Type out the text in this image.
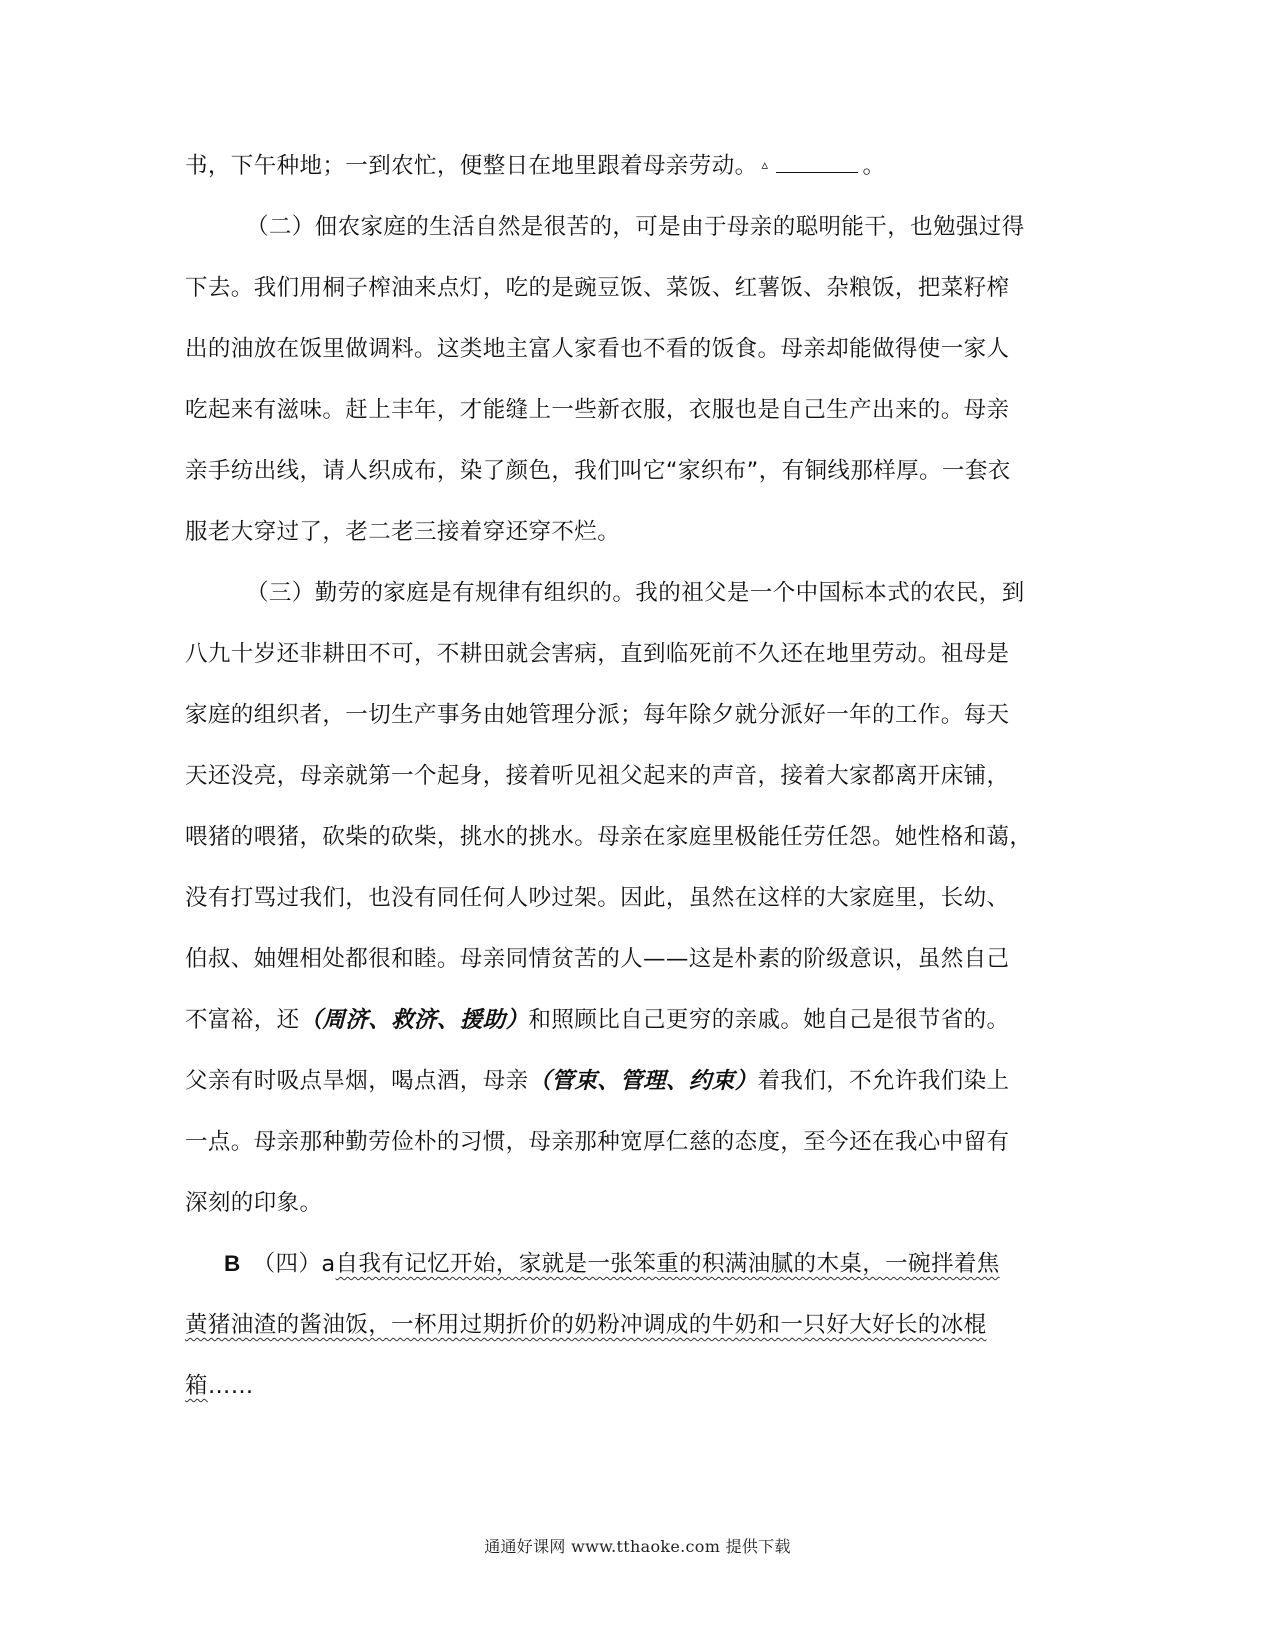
书，下午种地；一到农忙，便整日在地里跟着母亲劳动。 ▵	。
（二）佃农家庭的生活自然是很苦的，可是由于母亲的聪明能干，也勉强过得
下去。我们用桐子榨油来点灯，吃的是豌豆饭、菜饭、红薯饭、杂粮饭，把菜籽榨
出的油放在饭里做调料。这类地主富人家看也不看的饭食。母亲却能做得使一家人
吃起来有滋味。赶上丰年，才能缝上一些新衣服，衣服也是自己生产出来的。母亲
亲手纺出线，请人织成布，染了颜色，我们叫它“家织布”，有铜线那样厚。一套衣
服老大穿过了，老二老三接着穿还穿不烂。
（三）勤劳的家庭是有规律有组织的。我的祖父是一个中国标本式的农民，到
八九十岁还非耕田不可，不耕田就会害病，直到临死前不久还在地里劳动。祖母是
家庭的组织者，一切生产事务由她管理分派；每年除夕就分派好一年的工作。每天
天还没亮，母亲就第一个起身，接着听见祖父起来的声音，接着大家都离开床铺，
喂猪的喂猪，砍柴的砍柴，挑水的挑水。母亲在家庭里极能任劳任怨。她性格和蔼，
没有打骂过我们，也没有同任何人吵过架。因此，虽然在这样的大家庭里，长幼、
伯叔、妯娌相处都很和睦。母亲同情贫苦的人——这是朴素的阶级意识，虽然自己
不富裕，还（周济、救济、援助）和照顾比自己更穷的亲戚。她自己是很节省的。
父亲有时吸点旱烟，喝点酒，母亲（管束、管理、约束）着我们，不允许我们染上
一点。母亲那种勤劳俭朴的习惯，母亲那种宽厚仁慈的态度，至今还在我心中留有
深刻的印象。
B （四）a自我有记忆开始，家就是一张笨重的积满油腻的木桌，一碗拌着焦
黄猪油渣的酱油饭，一杯用过期折价的奶粉冲调成的牛奶和一只好大好长的冰棍
箱……
通通好课网 www.tthaoke.com 提供下载
